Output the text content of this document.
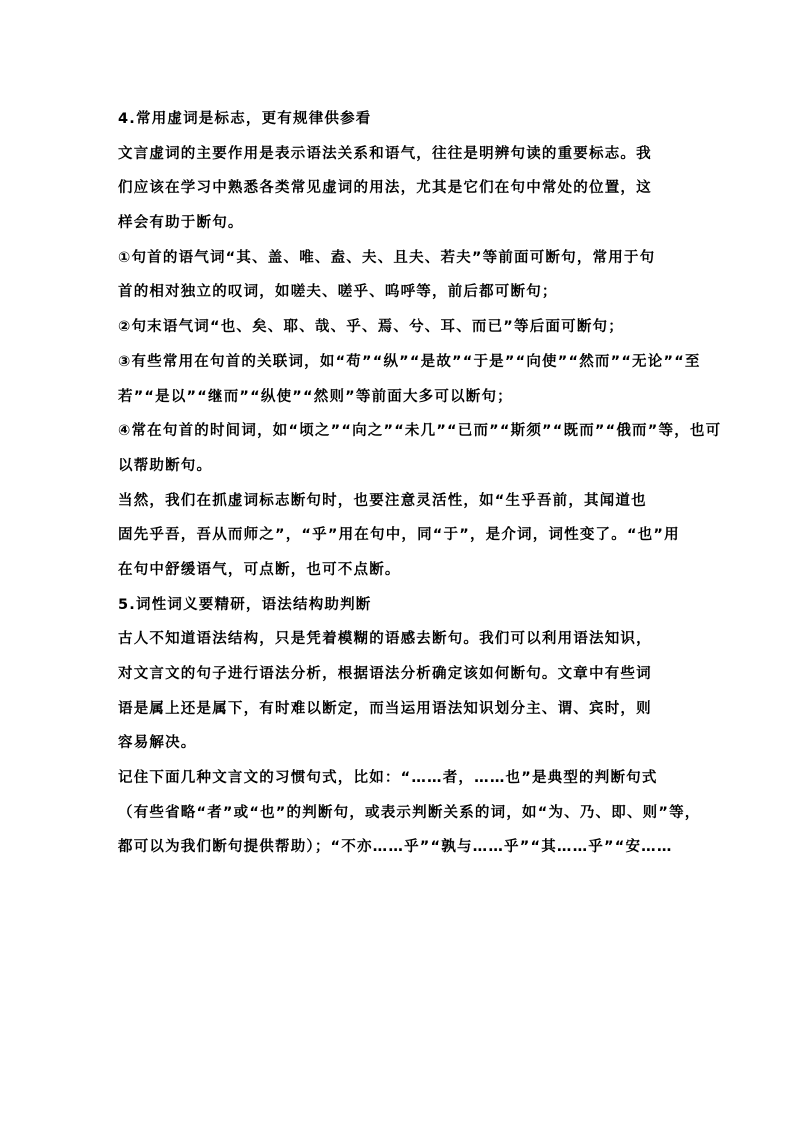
4.常用虚词是标志，更有规律供参看
文言虚词的主要作用是表示语法关系和语气，往往是明辨句读的重要标志。我
们应该在学习中熟悉各类常见虚词的用法，尤其是它们在句中常处的位置，这
样会有助于断句。
①句首的语气词“其、盖、唯、盍、夫、且夫、若夫”等前面可断句，常用于句
首的相对独立的叹词，如嗟夫、嗟乎、呜呼等，前后都可断句；
②句末语气词“也、矣、耶、哉、乎、焉、兮、耳、而已”等后面可断句；
③有些常用在句首的关联词，如“苟”“纵”“是故”“于是”“向使”“然而”“无论”“至
若”“是以”“继而”“纵使”“然则”等前面大多可以断句；
④常在句首的时间词，如“顷之”“向之”“未几”“已而”“斯须”“既而”“俄而”等，也可
以帮助断句。
当然，我们在抓虚词标志断句时，也要注意灵活性，如“生乎吾前，其闻道也
固先乎吾，吾从而师之”，“乎”用在句中，同“于”，是介词，词性变了。“也”用
在句中舒缓语气，可点断，也可不点断。
5.词性词义要精研，语法结构助判断
古人不知道语法结构，只是凭着模糊的语感去断句。我们可以利用语法知识，
对文言文的句子进行语法分析，根据语法分析确定该如何断句。文章中有些词
语是属上还是属下，有时难以断定，而当运用语法知识划分主、谓、宾时，则
容易解决。
记住下面几种文言文的习惯句式，比如：“……者，……也”是典型的判断句式
（有些省略“者”或“也”的判断句，或表示判断关系的词，如“为、乃、即、则”等，
都可以为我们断句提供帮助）；“不亦……乎”“孰与……乎”“其……乎”“安……
